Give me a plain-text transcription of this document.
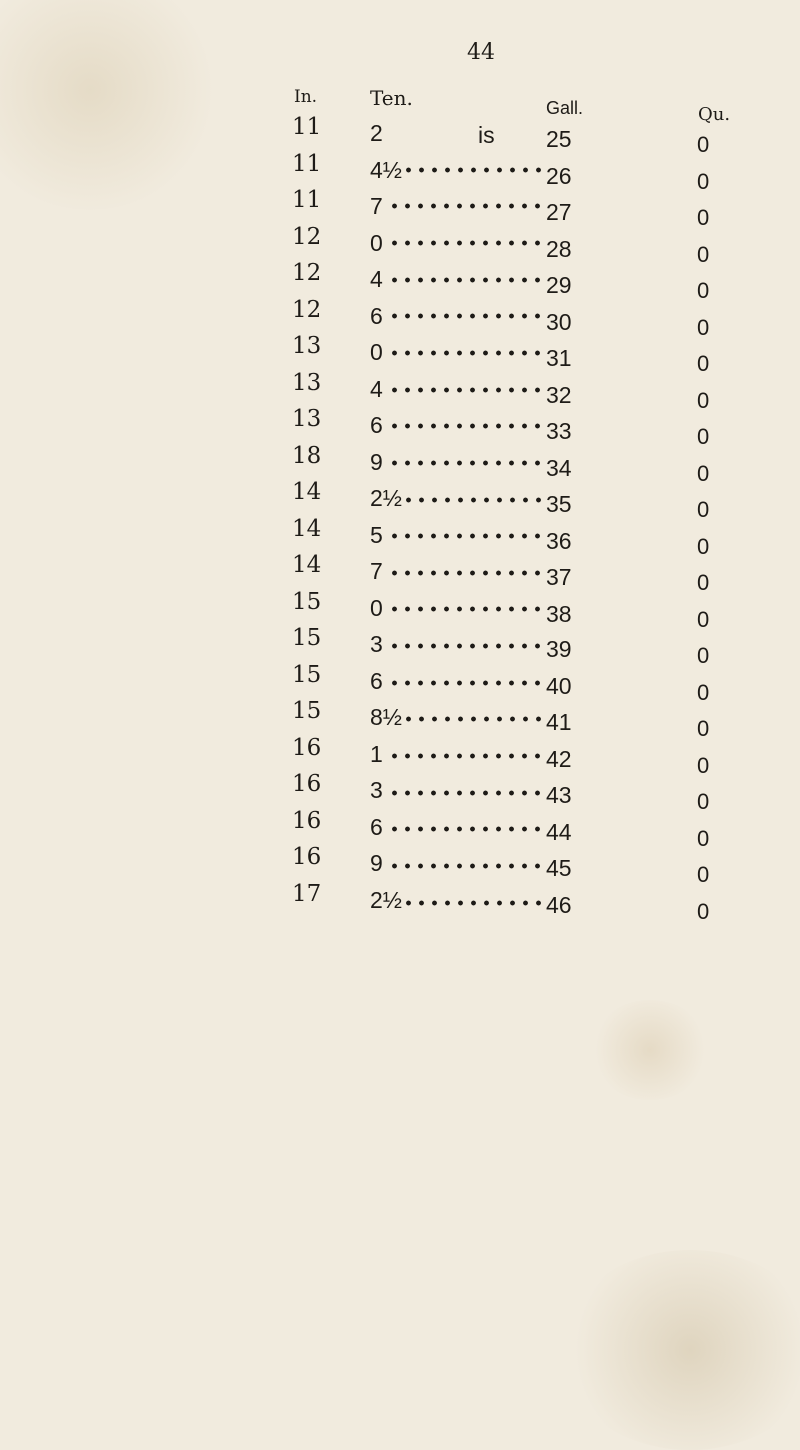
44
In.	Ten.	Gall.	Qu.
11 2	is 25	0
11 4½	26	0
11 7	27	0
12 0	28	0
12 4	29	0
12 6	30	0
13 0	31	0
13 4	32	0
13 6	33	0
18 9	34	0
14 2½	35	0
14 5	36	0
14 7	37	0
15 0	38	0
15 3	39	0
15 6	40	0
15 8½	41	0
16 1	42	0
16 3	43	0
16 6	44	0
16 9	45	0
17 2½	46	0
